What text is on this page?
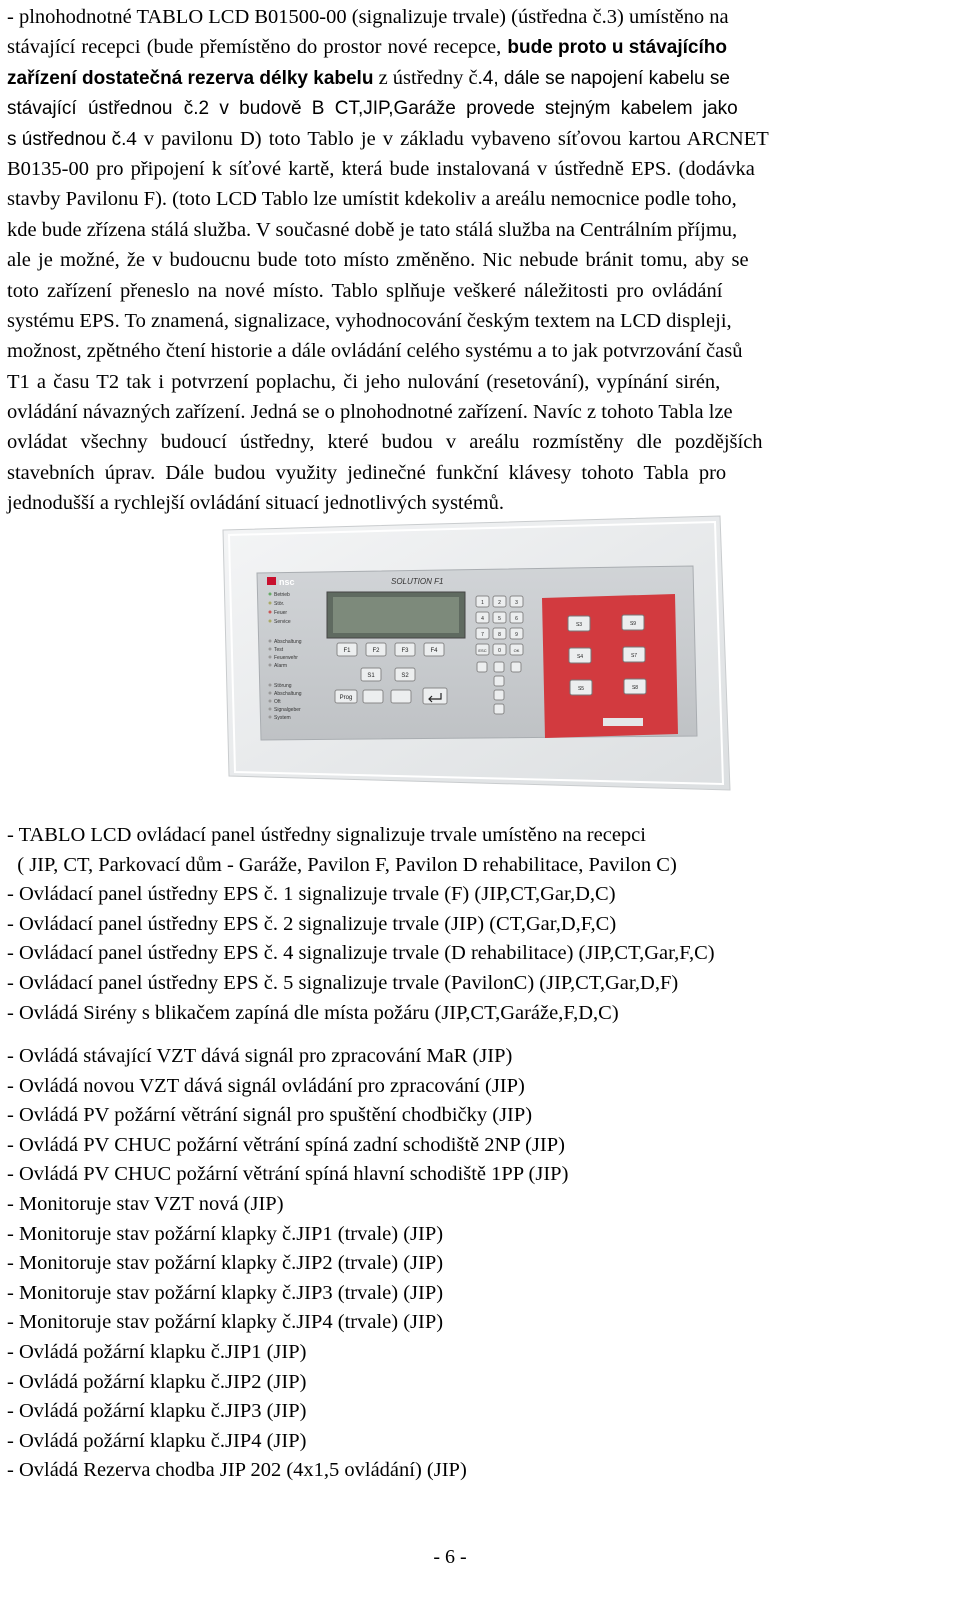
- plnohodnotné TABLO LCD B01500-00 (signalizuje trvale) (ústředna č.3) umístěno na
stávající recepci (bude přemístěno do prostor nové recepce, bude proto u stávajícího
zařízení dostatečná rezerva délky kabelu z ústředny č.4, dále se napojení kabelu se
stávající ústřednou č.2 v budově B CT,JIP,Garáže provede stejným kabelem jako
s ústřednou č.4 v pavilonu D) toto Tablo je v základu vybaveno síťovou kartou ARCNET
B0135-00 pro připojení k síťové kartě, která bude instalovaná v ústředně EPS. (dodávka
stavby Pavilonu F). (toto LCD Tablo lze umístit kdekoliv a areálu nemocnice podle toho,
kde bude zřízena stálá služba. V současné době je tato stálá služba na Centrálním příjmu,
ale je možné, že v budoucnu bude toto místo změněno. Nic nebude bránit tomu, aby se
toto zařízení přeneslo na nové místo. Tablo splňuje veškeré náležitosti pro ovládání
systému EPS. To znamená, signalizace, vyhodnocování českým textem na LCD displeji,
možnost, zpětného čtení historie a dále ovládání celého systému a to jak potvrzování časů
T1 a času T2 tak i potvrzení poplachu, či jeho nulování (resetování), vypínání sirén,
ovládání návazných zařízení. Jedná se o plnohodnotné zařízení. Navíc z tohoto Tabla lze
ovládat všechny budoucí ústředny, které budou v areálu rozmístěny dle pozdějších
stavebních úprav. Dále budou využity jedinečné funkční klávesy tohoto Tabla pro
jednodušší a rychlejší ovládání situací jednotlivých systémů.
nsc	SOLUTION F1
Betrieb
Stör.
Feuer
Service
Abschaltung
Test
Feuerwehr
Alarm
Störung
Abschaltung
Oft
Signalgeber
System
F1	F2	F3	F4
S1	S2
Prog
1	2	3
4	5	6
7	8	9
ESC 0	OK
S3	S9
S4	S7
S5	S8
- TABLO LCD ovládací panel ústředny signalizuje trvale umístěno na recepci
( JIP, CT, Parkovací dům - Garáže, Pavilon F, Pavilon D rehabilitace, Pavilon C)
- Ovládací panel ústředny EPS č. 1 signalizuje trvale (F) (JIP,CT,Gar,D,C)
- Ovládací panel ústředny EPS č. 2 signalizuje trvale (JIP) (CT,Gar,D,F,C)
- Ovládací panel ústředny EPS č. 4 signalizuje trvale (D rehabilitace) (JIP,CT,Gar,F,C)
- Ovládací panel ústředny EPS č. 5 signalizuje trvale (PavilonC) (JIP,CT,Gar,D,F)
- Ovládá Sirény s blikačem zapíná dle místa požáru (JIP,CT,Garáže,F,D,C)
- Ovládá stávající VZT dává signál pro zpracování MaR (JIP)
- Ovládá novou VZT dává signál ovládání pro zpracování (JIP)
- Ovládá PV požární větrání signál pro spuštění chodbičky (JIP)
- Ovládá PV CHUC požární větrání spíná zadní schodiště 2NP (JIP)
- Ovládá PV CHUC požární větrání spíná hlavní schodiště 1PP (JIP)
- Monitoruje stav VZT nová (JIP)
- Monitoruje stav požární klapky č.JIP1 (trvale) (JIP)
- Monitoruje stav požární klapky č.JIP2 (trvale) (JIP)
- Monitoruje stav požární klapky č.JIP3 (trvale) (JIP)
- Monitoruje stav požární klapky č.JIP4 (trvale) (JIP)
- Ovládá požární klapku č.JIP1 (JIP)
- Ovládá požární klapku č.JIP2 (JIP)
- Ovládá požární klapku č.JIP3 (JIP)
- Ovládá požární klapku č.JIP4 (JIP)
- Ovládá Rezerva chodba JIP 202 (4x1,5 ovládání) (JIP)
- 6 -
